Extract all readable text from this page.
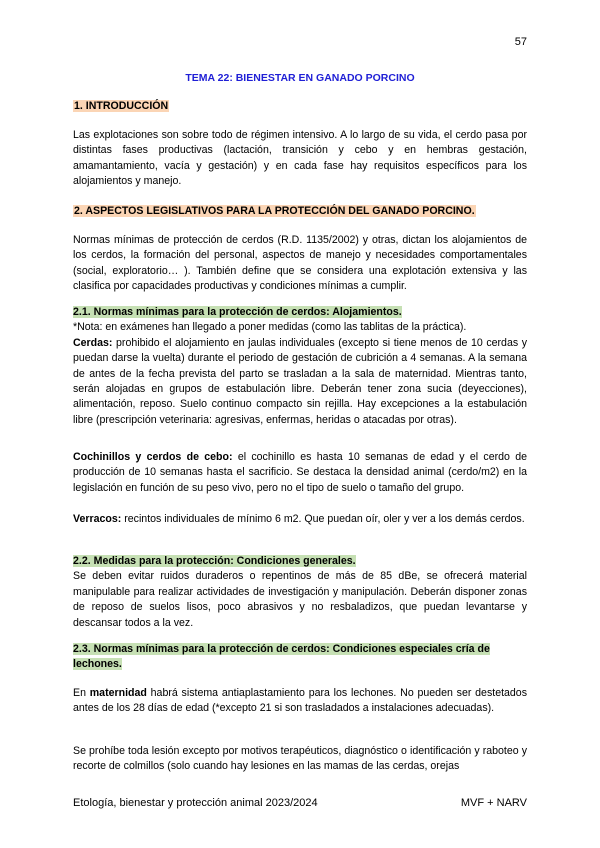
57
TEMA 22: BIENESTAR EN GANADO PORCINO
1. INTRODUCCIÓN

Las explotaciones son sobre todo de régimen intensivo. A lo largo de su vida, el cerdo pasa por distintas fases productivas (lactación, transición y cebo y en hembras gestación, amamantamiento, vacía y gestación) y en cada fase hay requisitos específicos para los alojamientos y manejo.

2. ASPECTOS LEGISLATIVOS PARA LA PROTECCIÓN DEL GANADO PORCINO.

Normas mínimas de protección de cerdos (R.D. 1135/2002) y otras, dictan los alojamientos de los cerdos, la formación del personal, aspectos de manejo y necesidades comportamentales (social, exploratorio… ). También define que se considera una explotación extensiva y las clasifica por capacidades productivas y condiciones mínimas a cumplir.

2.1. Normas mínimas para la protección de cerdos: Alojamientos.

*Nota: en exámenes han llegado a poner medidas (como las tablitas de la práctica).

Cerdas: prohibido el alojamiento en jaulas individuales (excepto si tiene menos de 10 cerdas y puedan darse la vuelta) durante el periodo de gestación de cubrición a 4 semanas. A la semana de antes de la fecha prevista del parto se trasladan a la sala de maternidad. Mientras tanto, serán alojadas en grupos de estabulación libre. Deberán tener zona sucia (deyecciones), alimentación, reposo. Suelo continuo compacto sin rejilla. Hay excepciones a la estabulación libre (prescripción veterinaria: agresivas, enfermas, heridas o atacadas por otras).

Cochinillos y cerdos de cebo: el cochinillo es hasta 10 semanas de edad y el cerdo de producción de 10 semanas hasta el sacrificio. Se destaca la densidad animal (cerdo/m2) en la legislación en función de su peso vivo, pero no el tipo de suelo o tamaño del grupo.

Verracos: recintos individuales de mínimo 6 m2. Que puedan oír, oler y ver a los demás cerdos.

2.2. Medidas para la protección: Condiciones generales.

Se deben evitar ruidos duraderos o repentinos de más de 85 dBe, se ofrecerá material manipulable para realizar actividades de investigación y manipulación. Deberán disponer zonas de reposo de suelos lisos, poco abrasivos y no resbaladizos, que puedan levantarse y descansar todos a la vez.

2.3. Normas mínimas para la protección de cerdos: Condiciones especiales cría de lechones.

En maternidad habrá sistema antiaplastamiento para los lechones. No pueden ser destetados antes de los 28 días de edad (*excepto 21 si son trasladados a instalaciones adecuadas).

Se prohíbe toda lesión excepto por motivos terapéuticos, diagnóstico o identificación y raboteo y recorte de colmillos (solo cuando hay lesiones en las mamas de las cerdas, orejas

Etología, bienestar y protección animal 2023/2024	MVF + NARV
